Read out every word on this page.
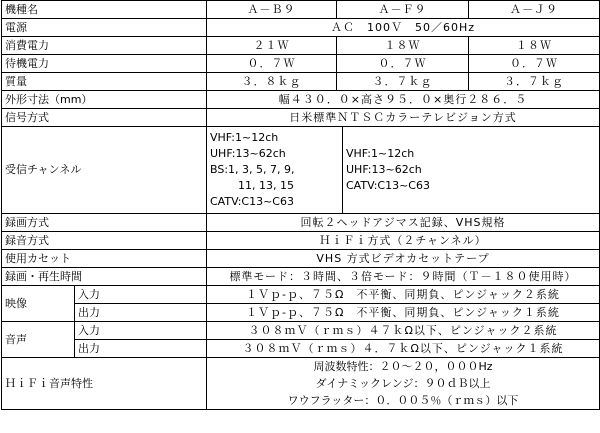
機種名		Ａ－Ｂ９	Ａ－Ｆ９		Ａ－Ｊ９
電源		ＡＣ　100Ｖ　50／60Hz			
消費電力		２１Ｗ	１８Ｗ		１８Ｗ
待機電力		０．７Ｗ	０．７Ｗ		０．７Ｗ
質量		３．８ｋｇ	３．７ｋｇ		３．７ｋｇ
外形寸法（mm）		幅４３０．０×高さ９５．０×奥行２８６．５			
信号方式		日米標準ＮＴＳＣカラーテレビジョン方式			
受信チャンネル		VHF:1~12ch
UHF:13~62ch
BS:1, 3, 5, 7, 9,
11, 13, 15
CATV:C13~C63		VHF:1~12ch
UHF:13~62ch
CATV:C13~C63	

録画方式		回転２ヘッドアジマス記録、VHS規格			
録音方式		ＨｉＦｉ方式（２チャンネル）			
使用カセット		VHS 方式ビデオカセットテープ			
録画・再生時間		標準モード：３時間、３倍モード：９時間（Ｔ－１８０使用時）			
映像	入力	１Ｖｐ-ｐ、７５Ω　不平衡、同期負、ピンジャック２系統			
	出力	１Ｖｐ-ｐ、７５Ω　不平衡、同期負、ピンジャック１系統			
音声	入力	３０８ｍＶ（ｒｍｓ）４７ｋΩ以下、ピンジャック２系統			
	出力	３０８ｍＶ（ｒｍｓ）４．７ｋΩ以下、ピンジャック１系統			
ＨｉＦｉ音声特性		周波数特性：２０～２０，０００Hz
ダイナミックレンジ：９０ｄＢ以上
ワウフラッター：０．００５％（ｒｍｓ）以下			
